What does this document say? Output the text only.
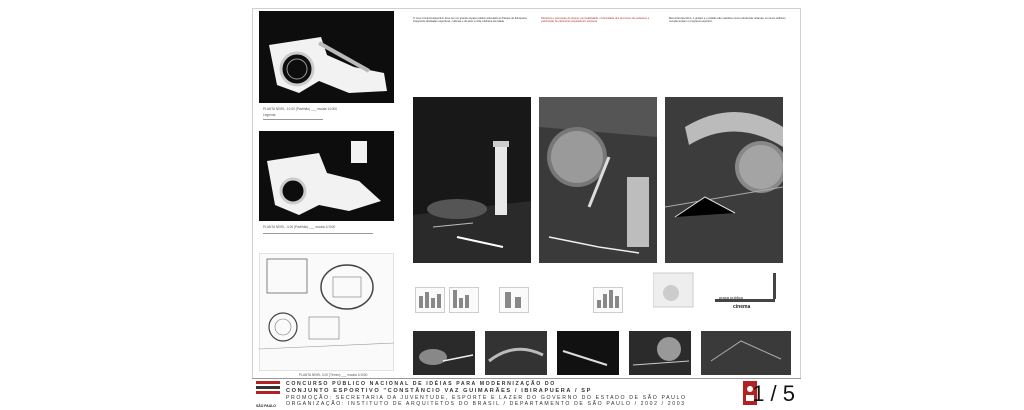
PLANTA NÍVEL -10.00 (Pavilhão) ___ escala 1/1000
Legenda
PLANTA NÍVEL -4.00 (Pavilhão) ___ escala 1/1000
PLANTA NÍVEL 0.00 (Térreo) ___ escala 1/1000

O novo Conjunto Esportivo deve ser um grande espaço público articulado ao Parque do Ibirapuera, integrando atividades esportivas, culturais e de lazer à vida cotidiana da cidade.

Diretrizes e premissas do projeto: permeabilidade, continuidade dos percursos de pedestres e valorização do patrimônio arquitetônico existente.

Memorial descritivo: o ginásio e o estádio são mantidos como referências urbanas; os novos edifícios complementam o programa esportivo.

praça pública
cinema
SÃO PAULO
CONCURSO PÚBLICO NACIONAL DE IDÉIAS PARA MODERNIZAÇÃO DO
CONJUNTO ESPORTIVO "CONSTÂNCIO VAZ GUIMARÃES / IBIRAPUERA / SP
PROMOÇÃO: SECRETARIA DA JUVENTUDE, ESPORTE E LAZER DO GOVERNO DO ESTADO DE SÃO PAULO
ORGANIZAÇÃO: INSTITUTO DE ARQUITETOS DO BRASIL / DEPARTAMENTO DE SÃO PAULO / 2002 / 2003	1 / 5
